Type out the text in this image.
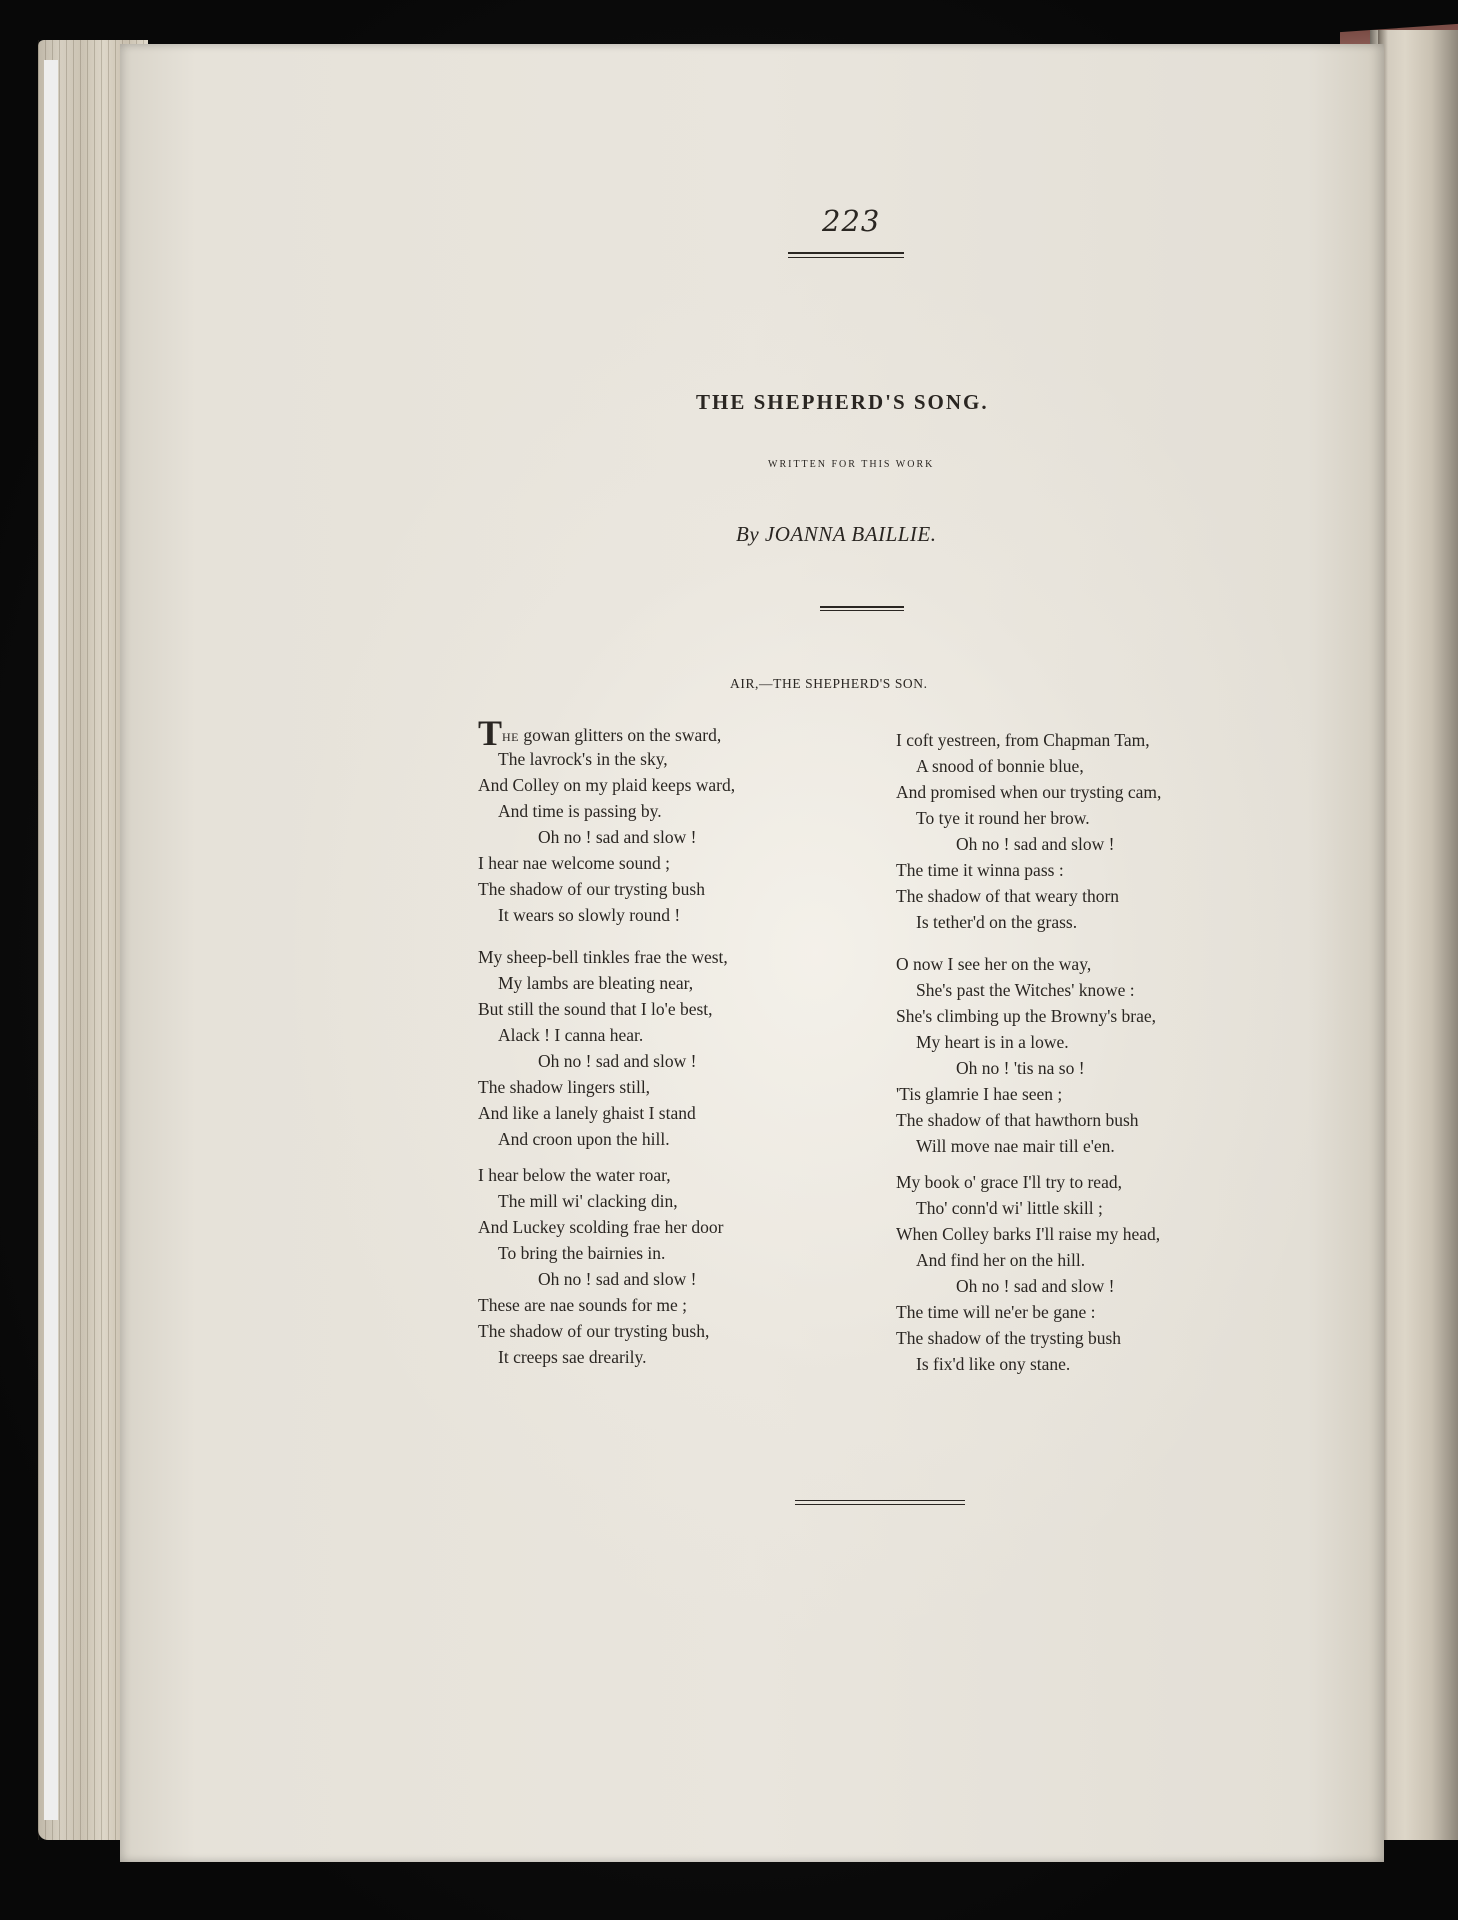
223
THE SHEPHERD'S SONG.
WRITTEN FOR THIS WORK
By JOANNA BAILLIE.
AIR,—THE SHEPHERD'S SON.
THE gowan glitters on the sward,
The lavrock's in the sky,
And Colley on my plaid keeps ward,
And time is passing by.
Oh no ! sad and slow !
I hear nae welcome sound ;
The shadow of our trysting bush
It wears so slowly round !
My sheep-bell tinkles frae the west,
My lambs are bleating near,
But still the sound that I lo'e best,
Alack ! I canna hear.
Oh no ! sad and slow !
The shadow lingers still,
And like a lanely ghaist I stand
And croon upon the hill.
I hear below the water roar,
The mill wi' clacking din,
And Luckey scolding frae her door
To bring the bairnies in.
Oh no ! sad and slow !
These are nae sounds for me ;
The shadow of our trysting bush,
It creeps sae drearily.
I coft yestreen, from Chapman Tam,
A snood of bonnie blue,
And promised when our trysting cam,
To tye it round her brow.
Oh no ! sad and slow !
The time it winna pass :
The shadow of that weary thorn
Is tether'd on the grass.
O now I see her on the way,
She's past the Witches' knowe :
She's climbing up the Browny's brae,
My heart is in a lowe.
Oh no ! 'tis na so !
'Tis glamrie I hae seen ;
The shadow of that hawthorn bush
Will move nae mair till e'en.
My book o' grace I'll try to read,
Tho' conn'd wi' little skill ;
When Colley barks I'll raise my head,
And find her on the hill.
Oh no ! sad and slow !
The time will ne'er be gane :
The shadow of the trysting bush
Is fix'd like ony stane.
